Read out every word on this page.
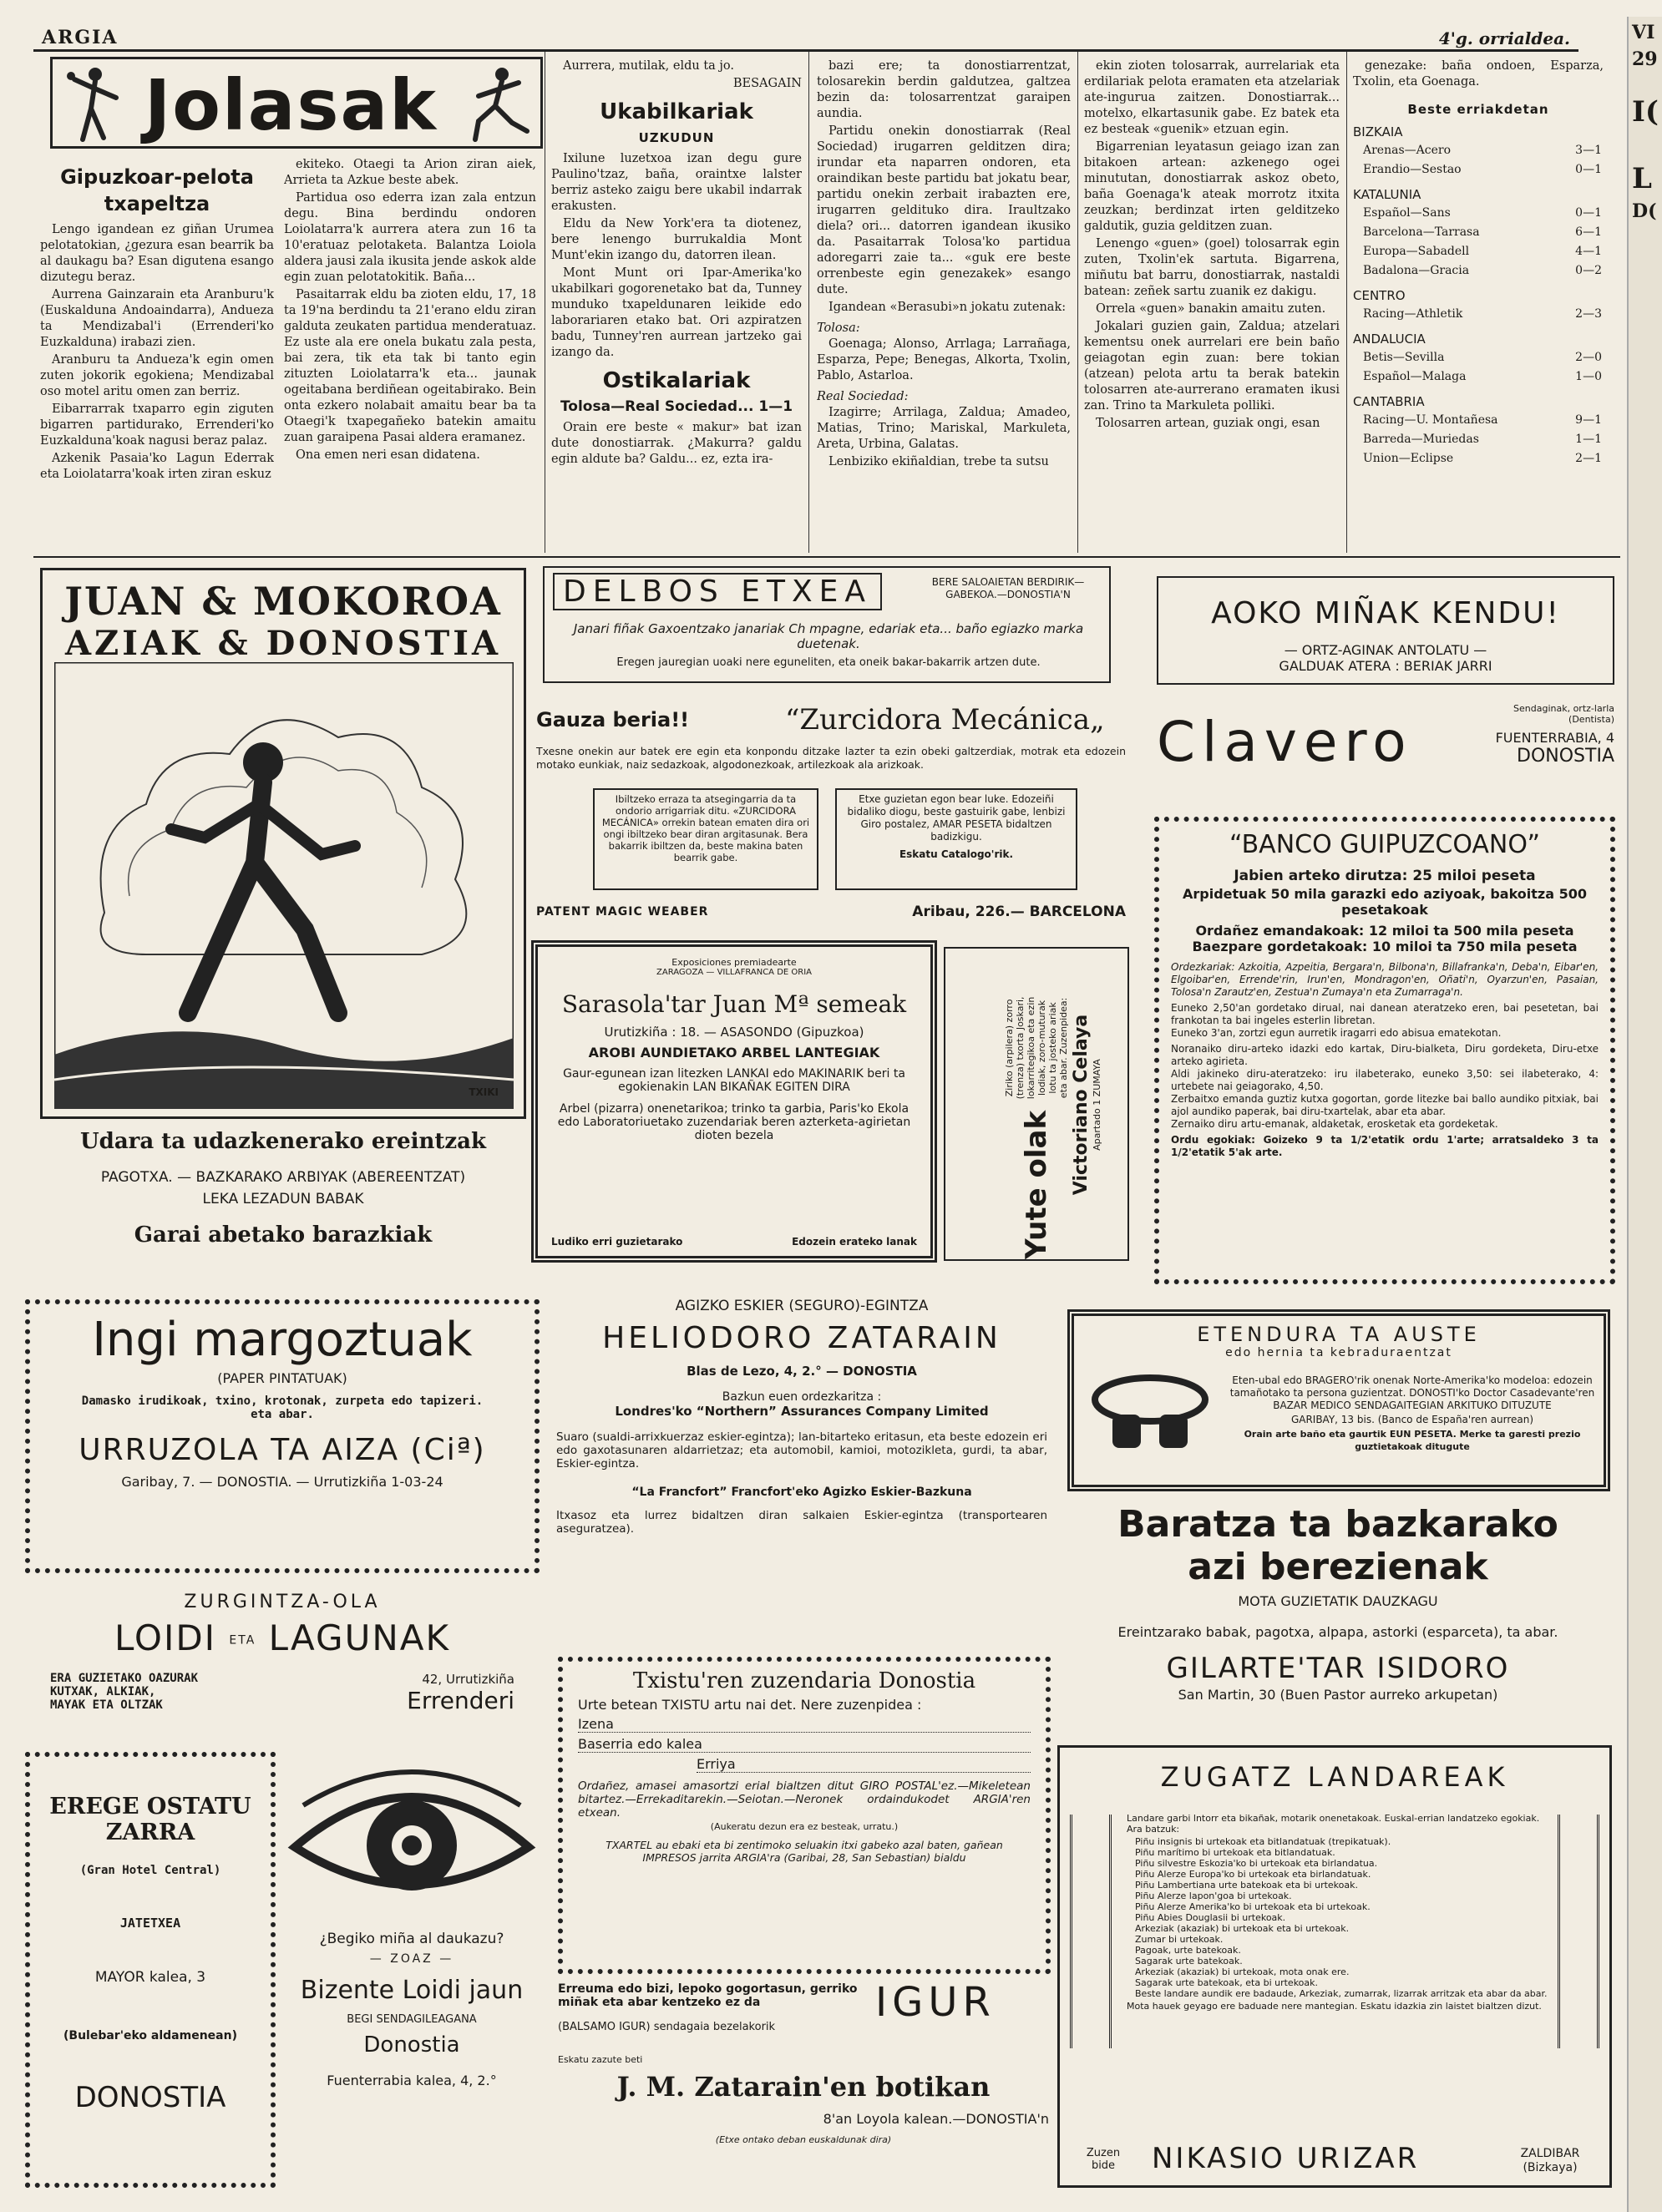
ARGIA	4'g. orrialdea.	VI
29
I(
L
D(
Jolasak
Gipuzkoar-pelota txapeltza

Lengo igandean ez giñan Urumea pelotatokian, ¿gezura esan bearrik ba al daukagu ba? Esan digutena esango dizutegu beraz.

Aurrena Gainzarain eta Aranburu'k (Euskalduna Andoaindarra), Andueza ta Mendizabal'i (Errenderi'ko Euzkalduna) irabazi zien.

Aranburu ta Andueza'k egin omen zuten jokorik egokiena; Mendizabal oso motel aritu omen zan berriz.

Eibarrarrak txaparro egin ziguten bigarren partidurako, Errenderi'ko Euzkalduna'koak nagusi beraz palaz.

Azkenik Pasaia'ko Lagun Ederrak eta Loiolatarra'koak irten ziran eskuz

ekiteko. Otaegi ta Arion ziran aiek, Arrieta ta Azkue beste abek.

Partidua oso ederra izan zala entzun degu. Bina berdindu ondoren Loiolatarra'k aurrera atera zun 16 ta 10'eratuaz pelotaketa. Balantza Loiola aldera jausi zala ikusita jende askok alde egin zuan pelotatokitik. Baña...

Pasaitarrak eldu ba zioten eldu, 17, 18 ta 19'na berdindu ta 21'erano eldu ziran galduta zeukaten partidua menderatuaz. Ez uste ala ere onela bukatu zala pesta, bai zera, tik eta tak bi tanto egin zituzten Loiolatarra'k eta... jaunak ogeitabana berdiñean ogeitabirako. Bein onta ezkero nolabait amaitu bear ba ta Otaegi'k txapegañeko batekin amaitu zuan garaipena Pasai aldera eramanez.

Ona emen neri esan didatena.

Aurrera, mutilak, eldu ta jo.

BESAGAIN
Ukabilkariak
UZKUDUN

Ixilune luzetxoa izan degu gure Paulino'tzaz, baña, oraintxe lalster berriz asteko zaigu bere ukabil indarrak erakusten.

Eldu da New York'era ta diotenez, bere lenengo burrukaldia Mont Munt'ekin izango du, datorren ilean.

Mont Munt ori Ipar-Amerika'ko ukabilkari gogorenetako bat da, Tunney munduko txapeldunaren leikide edo laborariaren etako bat. Ori azpiratzen badu, Tunney'ren aurrean jartzeko gai izango da.

Ostikalariak
Tolosa—Real Sociedad... 1—1

Orain ere beste « makur» bat izan dute donostiarrak. ¿Makurra? galdu egin aldute ba? Galdu... ez, ezta ira-

bazi ere; ta donostiarrentzat, tolosarekin berdin galdutzea, galtzea bezin da: tolosarrentzat garaipen aundia.

Partidu onekin donostiarrak (Real Sociedad) irugarren gelditzen dira; irundar eta naparren ondoren, eta oraindikan beste partidu bat jokatu bear, partidu onekin zerbait irabazten ere, irugarren geldituko dira. Iraultzako diela? ori... datorren igandean ikusiko da. Pasaitarrak Tolosa'ko partidua adoregarri zaie ta... «guk ere beste orrenbeste egin genezakek» esango dute.

Igandean «Berasubi»n jokatu zutenak:

Tolosa:

Goenaga; Alonso, Arrlaga; Larrañaga, Esparza, Pepe; Benegas, Alkorta, Txolin, Pablo, Astarloa.

Real Sociedad:

Izagirre; Arrilaga, Zaldua; Amadeo, Matias, Trino; Mariskal, Markuleta, Areta, Urbina, Galatas.

Lenbiziko ekiñaldian, trebe ta sutsu

ekin zioten tolosarrak, aurrelariak eta erdilariak pelota eramaten eta atzelariak ate-ingurua zaitzen. Donostiarrak... motelxo, elkartasunik gabe. Ez batek eta ez besteak «guenik» etzuan egin.

Bigarrenian leyatasun geiago izan zan bitakoen artean: azkenego ogei minututan, donostiarrak askoz obeto, baña Goenaga'k ateak morrotz itxita zeuzkan; berdinzat irten gelditzeko galdutik, guzia gelditzen zuan.

Lenengo «guen» (goel) tolosarrak egin zuten, Txolin'ek sartuta. Bigarrena, miñutu bat barru, donostiarrak, nastaldi batean: zeñek sartu zuanik ez dakigu.

Orrela «guen» banakin amaitu zuten.

Jokalari guzien gain, Zaldua; atzelari kementsu onek aurrelari ere bein baño geiagotan egin zuan: bere tokian (atzean) pelota artu ta berak batekin tolosarren ate-aurrerano eramaten ikusi zan. Trino ta Markuleta polliki.

Tolosarren artean, guziak ongi, esan

genezake: baña ondoen, Esparza, Txolin, eta Goenaga.

Beste erriakdetan
BIZKAIA
Arenas—Acero	3—1
Erandio—Sestao	0—1
KATALUNIA
Español—Sans	0—1
Barcelona—Tarrasa	6—1
Europa—Sabadell	4—1
Badalona—Gracia	0—2
CENTRO
Racing—Athletik	2—3
ANDALUCIA
Betis—Sevilla	2—0
Español—Malaga	1—0
CANTABRIA
Racing—U. Montañesa	9—1
Barreda—Muriedas	1—1
Union—Eclipse	2—1
JUAN & MOKOROA
AZIAK & DONOSTIA
TXIKI
Udara ta udazkenerako ereintzak
PAGOTXA. — BAZKARAKO ARBIYAK (ABEREENTZAT)
LEKA LEZADUN BABAK
Garai abetako barazkiak
DELBOS ETXEA	BERE SALOAIETAN BERDIRIK—GABEKOA.—DONOSTIA'N
Janari fiñak Gaxoentzako janariak Ch mpagne, edariak eta... baño egiazko marka duetenak.
Eregen jauregian uoaki nere eguneliten, eta oneik bakar-bakarrik artzen dute.
AOKO MIÑAK KENDU!
— ORTZ-AGINAK ANTOLATU —
GALDUAK ATERA : BERIAK JARRI
Clavero
Sendaginak, ortz-larla
(Dentista)
FUENTERRABIA, 4
DONOSTIA
Gauza beria!!	“Zurcidora Mecánica„
Txesne onekin aur batek ere egin eta konpondu ditzake lazter ta ezin obeki galtzerdiak, motrak eta edozein motako eunkiak, naiz sedazkoak, algodonezkoak, artilezkoak ala arizkoak.
Ibiltzeko erraza ta atsegingarria da ta ondorio arrigarriak ditu. «ZURCIDORA MECÁNICA» orrekin batean ematen dira ori ongi ibiltzeko bear diran argitasunak. Bera bakarrik ibiltzen da, beste makina baten bearrik gabe.
Etxe guzietan egon bear luke. Edozeiñi bidaliko diogu, beste gastuirik gabe, lenbizi Giro postalez, AMAR PESETA bidaltzen badizkigu.
Eskatu Catalogo'rik.
PATENT MAGIC WEABER	Aribau, 226.— BARCELONA
Exposiciones premiadearte
ZARAGOZA — VILLAFRANCA DE ORIA
Sarasola'tar Juan Mª semeak
Urutizkiña : 18. — ASASONDO (Gipuzkoa)
AROBI AUNDIETAKO ARBEL LANTEGIAK
Gaur-egunean izan litezken LANKAI edo MAKINARIK beri ta egokienakin LAN BIKAÑAK EGITEN DIRA
Arbel (pizarra) onenetarikoa; trinko ta garbia, Paris'ko Ekola edo Laboratoriuetako zuzendariak beren azterketa-agirietan dioten bezela
Ludiko erri guzietarako	Edozein erateko lanak	Yute olak
Ziriko (arpilera) zorro (trenza) txorta Joskari, lokarritegikoa eta ezin lodiak, zoro-muturak lotu ta josteko ariak eta abar. Zuzenpidea: Victoriano Celaya Apartado 1 ZUMAYA
“BANCO GUIPUZCOANO”
Jabien arteko dirutza: 25 miloi peseta
Arpidetuak 50 mila garazki edo aziyoak, bakoitza 500 pesetakoak
Ordañez emandakoak: 12 miloi ta 500 mila peseta
Baezpare gordetakoak: 10 miloi ta 750 mila peseta
Ordezkariak: Azkoitia, Azpeitia, Bergara'n, Bilbona'n, Billafranka'n, Deba'n, Eibar'en, Elgoibar'en, Errende'rin, Irun'en, Mondragon'en, Oñati'n, Oyarzun'en, Pasaian, Tolosa'n Zarautz'en, Zestua'n Zumaya'n eta Zumarraga'n.
Euneko 2,50'an gordetako dirual, nai danean ateratzeko eren, bai pesetetan, bai frankotan ta bai ingeles esterlin libretan.
Euneko 3'an, zortzi egun aurretik iragarri edo abisua ematekotan.
Noranaiko diru-arteko idazki edo kartak, Diru-bialketa, Diru gordeketa, Diru-etxe arteko agirieta.
Aldi jakineko diru-ateratzeko: iru ilabeterako, euneko 3,50: sei ilabeterako, 4: urtebete nai geiagorako, 4,50.
Zerbaitxo emanda guztiz kutxa gogortan, gorde litezke bai ballo aundiko pitxiak, bai ajol aundiko paperak, bai diru-txartelak, abar eta abar.
Zernaiko diru artu-emanak, aldaketak, erosketak eta gordeketak.
Ordu egokiak: Goizeko 9 ta 1/2'etatik ordu 1'arte; arratsaldeko 3 ta 1/2'etatik 5'ak arte.
Ingi margoztuak
(PAPER PINTATUAK)
Damasko irudikoak, txino, krotonak, zurpeta edo tapizeri. eta abar.
URRUZOLA TA AIZA (Ciª)
Garibay, 7. — DONOSTIA. — Urrutizkiña 1-03-24
AGIZKO ESKIER (SEGURO)-EGINTZA
HELIODORO ZATARAIN
Blas de Lezo, 4, 2.° — DONOSTIA
Bazkun euen ordezkaritza :
Londres'ko “Northern” Assurances Company Limited
Suaro (sualdi-arrixkuerzaz eskier-egintza); lan-bitarteko eritasun, eta beste edozein eri edo gaxotasunaren aldarrietzaz; eta automobil, kamioi, motozikleta, gurdi, ta abar, Eskier-egintza.
“La Francfort” Francfort'eko Agizko Eskier-Bazkuna
Itxasoz eta lurrez bidaltzen diran salkaien Eskier-egintza (transportearen aseguratzea).
ETENDURA TA AUSTE
edo hernia ta kebraduraentzat
Eten-ubal edo BRAGERO'rik onenak Norte-Amerika'ko modeloa: edozein tamañotako ta persona guzientzat. DONOSTI'ko Doctor Casadevante'ren BAZAR MEDICO SENDAGAITEGIAN ARKITUKO DITUZUTE
GARIBAY, 13 bis. (Banco de España'ren aurrean)
Orain arte baño eta gaurtik EUN PESETA. Merke ta garesti prezio guztietakoak ditugute
Baratza ta bazkarako
azi berezienak
MOTA GUZIETATIK DAUZKAGU
Ereintzarako babak, pagotxa, alpapa, astorki (esparceta), ta abar.
GILARTE'TAR ISIDORO
San Martin, 30 (Buen Pastor aurreko arkupetan)
ZURGINTZA-OLA
LOIDI ETA LAGUNAK
ERA GUZIETAKO OAZURAK
KUTXAK, ALKIAK,
MAYAK ETA OLTZAK
42, Urrutizkiña
Errenderi
Txistu'ren zuzendaria Donostia
Urte betean TXISTU artu nai det. Nere zuzenpidea :
Izena
Baserria edo kalea
Erriya
Ordañez, amasei amasortzi erial bialtzen ditut GIRO POSTAL'ez.—Mikeletean bitartez.—Errekaditarekin.—Seiotan.—Neronek ordaindukodet ARGIA'ren etxean.
(Aukeratu dezun era ez besteak, urratu.)
TXARTEL au ebaki eta bi zentimoko seluakin itxi gabeko azal baten, gañean IMPRESOS jarrita ARGIA'ra (Garibai, 28, San Sebastian) bialdu
ZUGATZ LANDAREAK
Landare garbi lntorr eta bikañak, motarik onenetakoak. Euskal-errian landatzeko egokiak. Ara batzuk:
Piñu insignis bi urtekoak eta bitlandatuak (trepikatuak).
Piñu marítimo bi urtekoak eta bitlandatuak.
Piñu silvestre Eskozia'ko bi urtekoak eta birlandatua.
Piñu Alerze Europa'ko bi urtekoak eta birlandatuak.
Piñu Lambertiana urte batekoak eta bi urtekoak.
Piñu Alerze lapon'goa bi urtekoak.
Piñu Alerze Amerika'ko bi urtekoak eta bi urtekoak.
Piñu Abies Douglasii bi urtekoak.
Arkeziak (akaziak) bi urtekoak eta bi urtekoak.
Zumar bi urtekoak.
Pagoak, urte batekoak.
Sagarak urte batekoak.
Arkeziak (akaziak) bi urtekoak, mota onak ere.
Sagarak urte batekoak, eta bi urtekoak.
Beste landare aundik ere badaude, Arkeziak, zumarrak, lizarrak arritzak eta abar da abar.
Mota hauek geyago ere baduade nere mantegian. Eskatu idazkia zin laistet bialtzen dizut.
Zuzen bide	NIKASIO URIZAR	ZALDIBAR (Bizkaya)
EREGE OSTATU ZARRA
(Gran Hotel Central)
JATETXEA
MAYOR kalea, 3
(Bulebar'eko aldamenean)
DONOSTIA
¿Begiko miña al daukazu?
— ZOAZ —
Bizente Loidi jaun
BEGI SENDAGILEAGANA
Donostia
Fuenterrabia kalea, 4, 2.°
Erreuma edo bizi, lepoko gogortasun, gerriko miñak eta abar kentzeko ez da	IGUR
(BALSAMO IGUR) sendagaia bezelakorik
Eskatu zazute beti
J. M. Zatarain'en botikan
8'an Loyola kalean.—DONOSTIA'n
(Etxe ontako deban euskaldunak dira)
